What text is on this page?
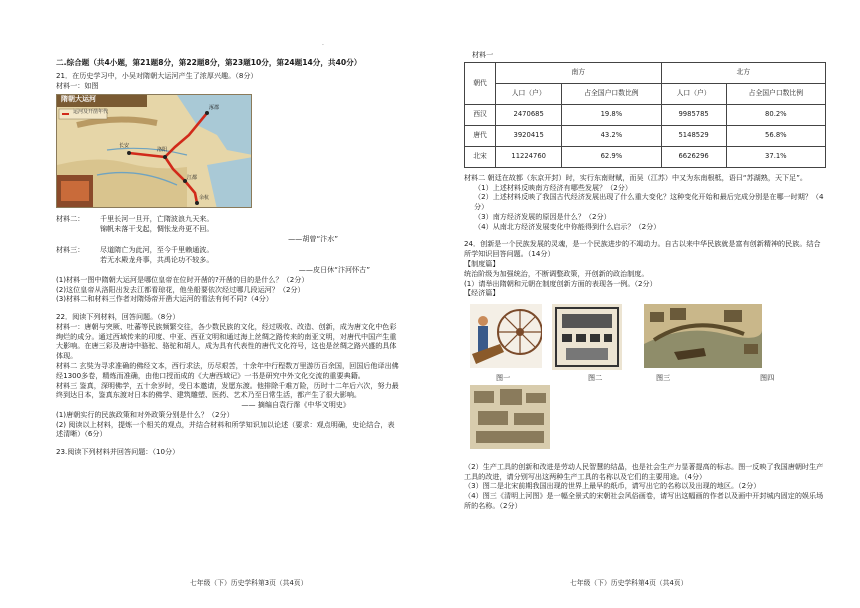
.

二.综合题（共4小题，第21题8分，第22题8分，第23题10分，第24题14分，共40分）

21．在历史学习中，小吴对隋朝大运河产生了浓厚兴趣。（8分）

材料一：如图

隋朝大运河
运河及开凿年代
余杭
江都
洛阳
长安
涿郡
材料二：	千里长河一旦开，亡隋波浪九天来。

锦帆未落干戈起，惆怅龙舟更不回。

——胡曾“汴水”

材料三：	尽道隋亡为此河，至今千里赖通波。

若无水殿龙舟事，共禹论功不较多。

——皮日休“汴河怀古”

(1)材料一图中隋朝大运河是哪位皇帝在位时开凿的?开凿的目的是什么？（2分）

(2)这位皇帝从洛阳出发去江都看琼花，他坐船要依次经过哪几段运河？（2分）

(3)材料二和材料三作者对隋炀帝开凿大运河的看法有何不同?（4分）

22．阅读下列材料，回答问题。（8分）

材料一：唐朝与突厥、吐蕃等民族频繁交往，各少数民族的文化，经过吸收、改造、创新，成为唐文化中色彩绚烂的成分。通过西域传来的印度、中亚、西亚文明和通过海上丝绸之路传来的南亚文明，对唐代中国产生重大影响。在唐三彩及唐诗中骆驼、骆驼和胡人，成为具有代表性的唐代文化符号，这也是丝绸之路兴盛的具体体现。

材料二 玄奘为寻求准确的佛经文本，西行求法，历尽艰苦，十余年中行程数万里游历百余国，回国后他译出佛经1300多卷，精炼而准确，由他口授而成的《大唐西域记》一书是研究中外文化交流的重要典籍。

材料三 鉴真，深明佛学，五十余岁时，受日本邀请，发愿东渡。他排除千难万险，历时十二年后六次，努力最终到达日本，鉴真东渡对日本的佛学、建筑雕塑、医药、艺术乃至日常生活，都产生了很大影响。

—— 摘编自袁行霈《中华文明史》

(1)唐朝实行的民族政策和对外政策分别是什么？（2分）

(2) 阅读以上材料，提炼一个相关的观点，并结合材料和所学知识加以论述（要求：观点明确，史论结合，表述清晰）（6分）

23.阅读下列材料并回答问题：（10分）

七年级（下）历史学科第3页（共4页）

材料一

朝代	南方		北方	
	人口（户）	占全国户口数比例	人口（户）	占全国户口数比例
西汉	2470685	19.8%	9985785	80.2%
唐代	3920415	43.2%	5148529	56.8%
北宋	11224760	62.9%	6626296	37.1%

材料二 朝廷在故都（东京开封）时，实行东南财赋，而吴（江苏）中又为东南根柢，语曰“苏湖熟，天下足”。

（1）上述材料反映南方经济有哪些发展？（2分）

（2）上述材料反映了我国古代经济发展出现了什么重大变化？这种变化开始和最后完成分别是在哪一时期？（4分）

（3）南方经济发展的原因是什么？（2分）

（4）从南北方经济发展变化中你能得到什么启示？（2分）

24．创新是一个民族发展的灵魂，是一个民族进步的不竭动力。自古以来中华民族就是富有创新精神的民族。结合所学知识回答问题。（14分）

【制度篇】

统治阶级为加强统治，不断调整政策，开创新的政治制度。

(1）请举出隋朝和元朝在制度创新方面的表现各一例。（2分）

【经济篇】

图一	图二	图三	图四

（2）生产工具的创新和改进是劳动人民智慧的结晶，也是社会生产力显著提高的标志。图一反映了我国唐朝时生产工具的改进，请分别写出这两种生产工具的名称以及它们的主要用途。（4分）

（3）图二是北宋前期我国出现的世界上最早的纸币，请写出它的名称以及出现的地区。（2分）

（4）图三《清明上河图》是一幅全景式的宋朝社会风俗画卷，请写出这幅画的作者以及画中开封城内固定的娱乐场所的名称。（2分）

七年级（下）历史学科第4页（共4页）
